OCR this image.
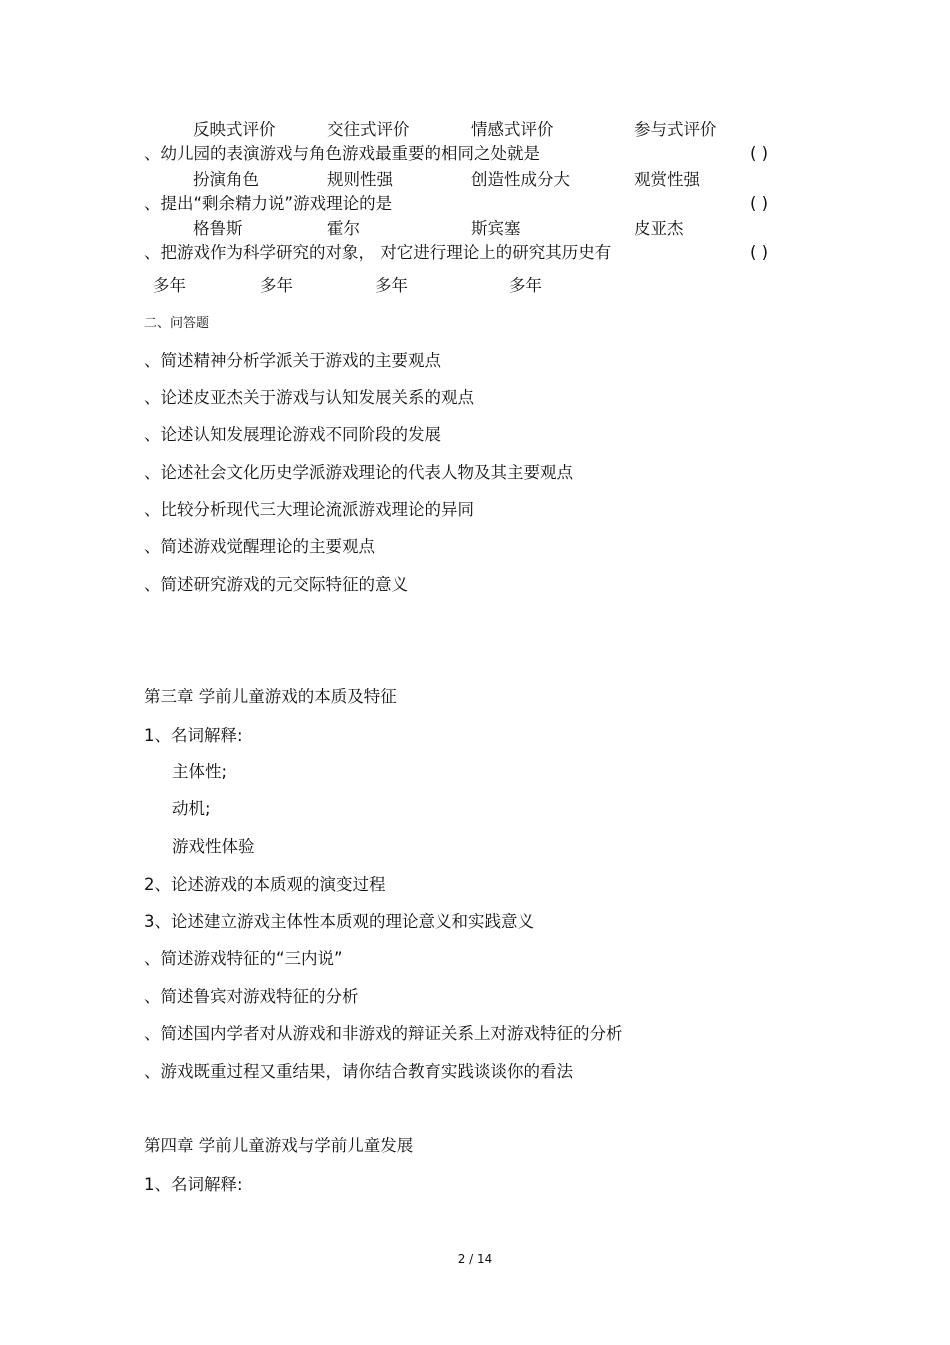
反映式评价	交往式评价	情感式评价	参与式评价
、幼儿园的表演游戏与角色游戏最重要的相同之处就是	( )
扮演角色	规则性强	创造性成分大	观赏性强
、提出“剩余精力说”游戏理论的是	( )
格鲁斯	霍尔	斯宾塞	皮亚杰
、把游戏作为科学研究的对象， 对它进行理论上的研究其历史有	( )
多年	多年	多年	多年
二、问答题
、简述精神分析学派关于游戏的主要观点
、论述皮亚杰关于游戏与认知发展关系的观点
、论述认知发展理论游戏不同阶段的发展
、论述社会文化历史学派游戏理论的代表人物及其主要观点
、比较分析现代三大理论流派游戏理论的异同
、简述游戏觉醒理论的主要观点
、简述研究游戏的元交际特征的意义
第三章 学前儿童游戏的本质及特征
1、名词解释:
主体性;
动机;
游戏性体验
2、论述游戏的本质观的演变过程
3、论述建立游戏主体性本质观的理论意义和实践意义
、简述游戏特征的“三内说”
、简述鲁宾对游戏特征的分析
、简述国内学者对从游戏和非游戏的辩证关系上对游戏特征的分析
、游戏既重过程又重结果，请你结合教育实践谈谈你的看法
第四章 学前儿童游戏与学前儿童发展
1、名词解释:
2 / 14
